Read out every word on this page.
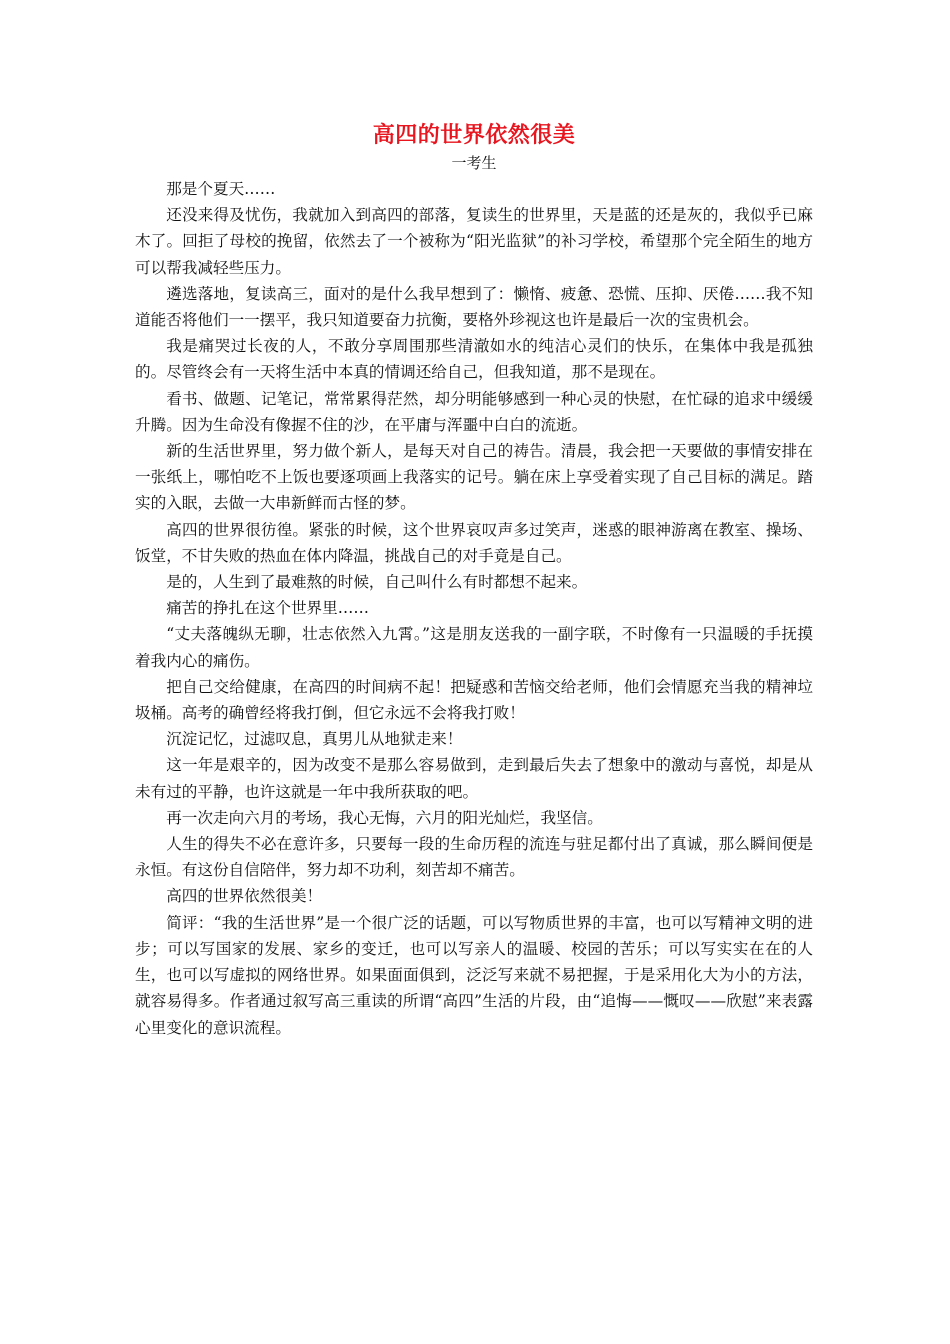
高四的世界依然很美

一考生

那是个夏天……

还没来得及忧伤，我就加入到高四的部落，复读生的世界里，天是蓝的还是灰的，我似乎已麻木了。回拒了母校的挽留，依然去了一个被称为“阳光监狱”的补习学校，希望那个完全陌生的地方可以帮我减轻些压力。

遴选落地，复读高三，面对的是什么我早想到了：懒惰、疲惫、恐慌、压抑、厌倦……我不知道能否将他们一一摆平，我只知道要奋力抗衡，要格外珍视这也许是最后一次的宝贵机会。

我是痛哭过长夜的人，不敢分享周围那些清澈如水的纯洁心灵们的快乐，在集体中我是孤独的。尽管终会有一天将生活中本真的情调还给自己，但我知道，那不是现在。

看书、做题、记笔记，常常累得茫然，却分明能够感到一种心灵的快慰，在忙碌的追求中缓缓升腾。因为生命没有像握不住的沙，在平庸与浑噩中白白的流逝。

新的生活世界里，努力做个新人，是每天对自己的祷告。清晨，我会把一天要做的事情安排在一张纸上，哪怕吃不上饭也要逐项画上我落实的记号。躺在床上享受着实现了自己目标的满足。踏实的入眠，去做一大串新鲜而古怪的梦。

高四的世界很彷徨。紧张的时候，这个世界哀叹声多过笑声，迷惑的眼神游离在教室、操场、饭堂，不甘失败的热血在体内降温，挑战自己的对手竟是自己。

是的，人生到了最难熬的时候，自己叫什么有时都想不起来。

痛苦的挣扎在这个世界里……

“丈夫落魄纵无聊，壮志依然入九霄。”这是朋友送我的一副字联，不时像有一只温暖的手抚摸着我内心的痛伤。

把自己交给健康，在高四的时间病不起！把疑惑和苦恼交给老师，他们会情愿充当我的精神垃圾桶。高考的确曾经将我打倒，但它永远不会将我打败！

沉淀记忆，过滤叹息，真男儿从地狱走来！

这一年是艰辛的，因为改变不是那么容易做到，走到最后失去了想象中的激动与喜悦，却是从未有过的平静，也许这就是一年中我所获取的吧。

再一次走向六月的考场，我心无悔，六月的阳光灿烂，我坚信。

人生的得失不必在意许多，只要每一段的生命历程的流连与驻足都付出了真诚，那么瞬间便是永恒。有这份自信陪伴，努力却不功利，刻苦却不痛苦。

高四的世界依然很美！

简评：“我的生活世界”是一个很广泛的话题，可以写物质世界的丰富，也可以写精神文明的进步；可以写国家的发展、家乡的变迁，也可以写亲人的温暖、校园的苦乐；可以写实实在在的人生，也可以写虚拟的网络世界。如果面面俱到，泛泛写来就不易把握，于是采用化大为小的方法，就容易得多。作者通过叙写高三重读的所谓“高四”生活的片段，由“追悔——慨叹——欣慰”来表露心里变化的意识流程。
